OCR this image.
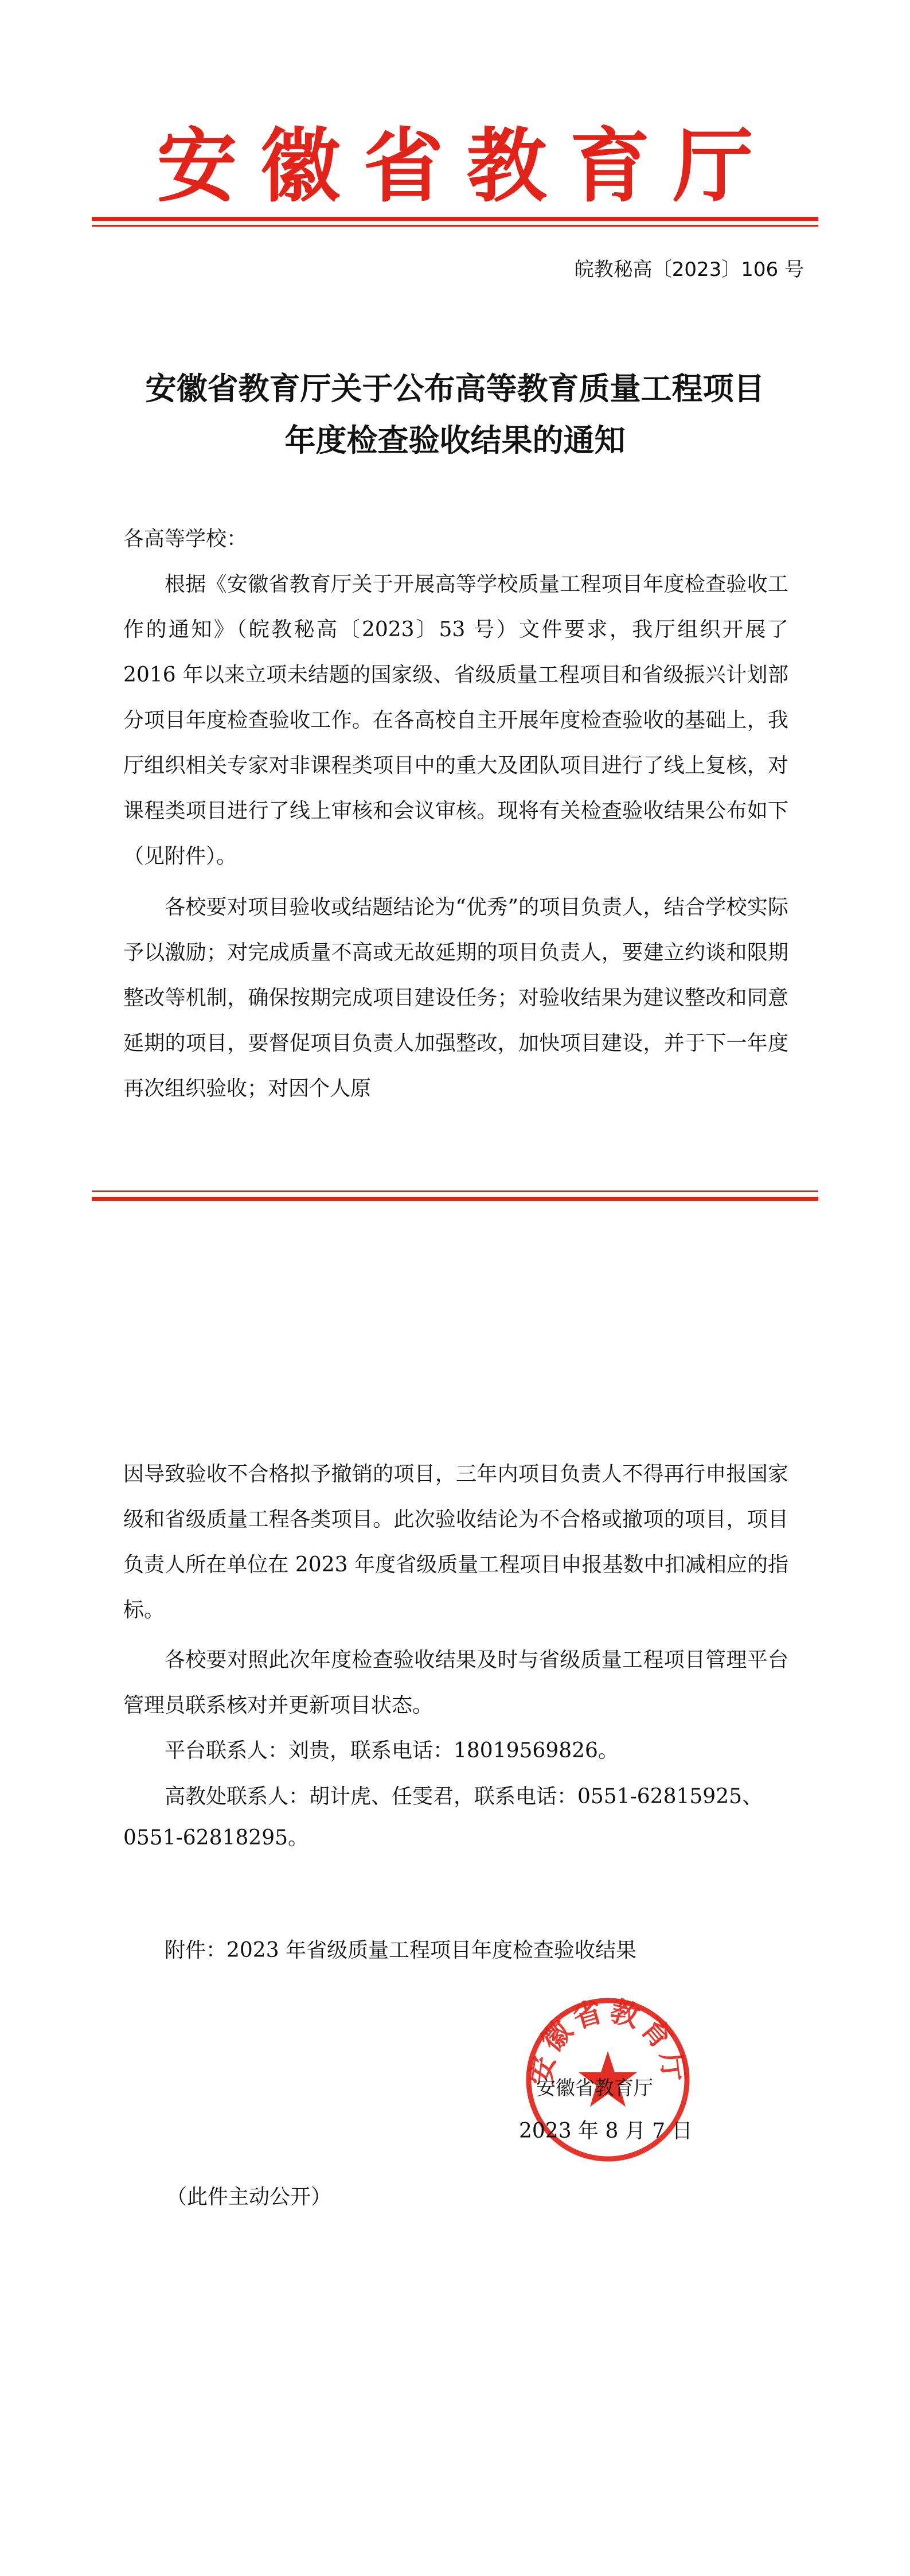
安徽省教育厅
皖教秘高〔2023〕106 号
安徽省教育厅关于公布高等教育质量工程项目
年度检查验收结果的通知

各高等学校：

根据《安徽省教育厅关于开展高等学校质量工程项目年度检查验收工作的通知》（皖教秘高〔2023〕53 号）文件要求，我厅组织开展了 2016 年以来立项未结题的国家级、省级质量工程项目和省级振兴计划部分项目年度检查验收工作。在各高校自主开展年度检查验收的基础上，我厅组织相关专家对非课程类项目中的重大及团队项目进行了线上复核，对课程类项目进行了线上审核和会议审核。现将有关检查验收结果公布如下（见附件）。

各校要对项目验收或结题结论为“优秀”的项目负责人，结合学校实际予以激励；对完成质量不高或无故延期的项目负责人，要建立约谈和限期整改等机制，确保按期完成项目建设任务；对验收结果为建议整改和同意延期的项目，要督促项目负责人加强整改，加快项目建设，并于下一年度再次组织验收；对因个人原

因导致验收不合格拟予撤销的项目，三年内项目负责人不得再行申报国家级和省级质量工程各类项目。此次验收结论为不合格或撤项的项目，项目负责人所在单位在 2023 年度省级质量工程项目申报基数中扣减相应的指标。

各校要对照此次年度检查验收结果及时与省级质量工程项目管理平台管理员联系核对并更新项目状态。

平台联系人：刘贵，联系电话：18019569826。

高教处联系人：胡计虎、任雯君，联系电话：0551-62815925、

0551-62818295。

附件：2023 年省级质量工程项目年度检查验收结果

安徽省教育厅
安徽省教育厅
2023 年 8 月 7 日
（此件主动公开）
